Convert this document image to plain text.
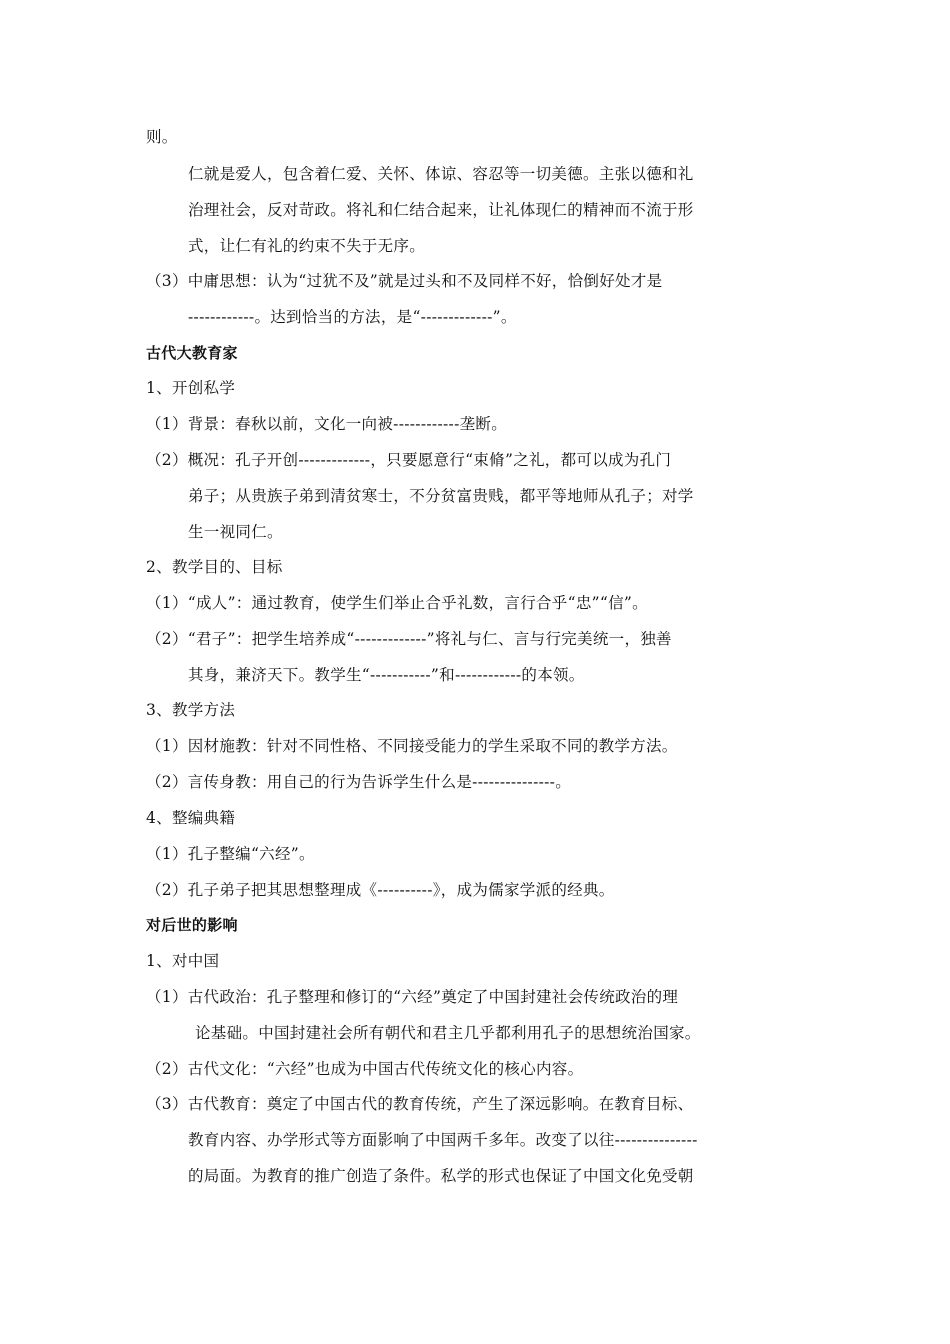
则。
仁就是爱人，包含着仁爱、关怀、体谅、容忍等一切美德。主张以德和礼
治理社会，反对苛政。将礼和仁结合起来，让礼体现仁的精神而不流于形
式，让仁有礼的约束不失于无序。
（3）中庸思想：认为“过犹不及”就是过头和不及同样不好，恰倒好处才是
------------。达到恰当的方法，是“-------------”。
古代大教育家
1、开创私学
（1）背景：春秋以前，文化一向被------------垄断。
（2）概况：孔子开创-------------，只要愿意行“束脩”之礼，都可以成为孔门
弟子；从贵族子弟到清贫寒士，不分贫富贵贱，都平等地师从孔子；对学
生一视同仁。
2、教学目的、目标
（1）“成人”：通过教育，使学生们举止合乎礼数，言行合乎“忠”“信”。
（2）“君子”：把学生培养成“-------------”将礼与仁、言与行完美统一，独善
其身，兼济天下。教学生“-----------”和------------的本领。
3、教学方法
（1）因材施教：针对不同性格、不同接受能力的学生采取不同的教学方法。
（2）言传身教：用自己的行为告诉学生什么是---------------。
4、整编典籍
（1）孔子整编“六经”。
（2）孔子弟子把其思想整理成《----------》，成为儒家学派的经典。
对后世的影响
1、对中国
（1）古代政治：孔子整理和修订的“六经”奠定了中国封建社会传统政治的理
论基础。中国封建社会所有朝代和君主几乎都利用孔子的思想统治国家。
（2）古代文化：“六经”也成为中国古代传统文化的核心内容。
（3）古代教育：奠定了中国古代的教育传统，产生了深远影响。在教育目标、
教育内容、办学形式等方面影响了中国两千多年。改变了以往---------------
的局面。为教育的推广创造了条件。私学的形式也保证了中国文化免受朝
